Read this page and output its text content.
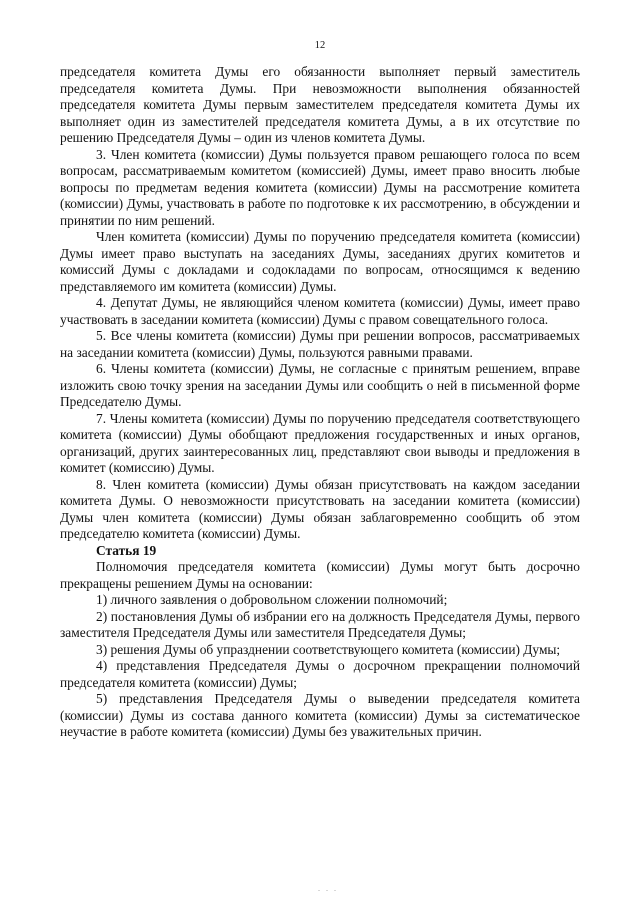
12

председателя комитета Думы его обязанности выполняет первый заместитель председателя комитета Думы. При невозможности выполнения обязанностей председателя комитета Думы первым заместителем председателя комитета Думы их выполняет один из заместителей председателя комитета Думы, а в их отсутствие по решению Председателя Думы – один из членов комитета Думы.

3. Член комитета (комиссии) Думы пользуется правом решающего голоса по всем вопросам, рассматриваемым комитетом (комиссией) Думы, имеет право вносить любые вопросы по предметам ведения комитета (комиссии) Думы на рассмотрение комитета (комиссии) Думы, участвовать в работе по подготовке к их рассмотрению, в обсуждении и принятии по ним решений.

Член комитета (комиссии) Думы по поручению председателя комитета (комиссии) Думы имеет право выступать на заседаниях Думы, заседаниях других комитетов и комиссий Думы с докладами и содокладами по вопросам, относящимся к ведению представляемого им комитета (комиссии) Думы.

4. Депутат Думы, не являющийся членом комитета (комиссии) Думы, имеет право участвовать в заседании комитета (комиссии) Думы с правом совещательного голоса.

5. Все члены комитета (комиссии) Думы при решении вопросов, рассматриваемых на заседании комитета (комиссии) Думы, пользуются равными правами.

6. Члены комитета (комиссии) Думы, не согласные с принятым решением, вправе изложить свою точку зрения на заседании Думы или сообщить о ней в письменной форме Председателю Думы.

7. Члены комитета (комиссии) Думы по поручению председателя соответствующего комитета (комиссии) Думы обобщают предложения государственных и иных органов, организаций, других заинтересованных лиц, представляют свои выводы и предложения в комитет (комиссию) Думы.

8. Член комитета (комиссии) Думы обязан присутствовать на каждом заседании комитета Думы. О невозможности присутствовать на заседании комитета (комиссии) Думы член комитета (комиссии) Думы обязан заблаговременно сообщить об этом председателю комитета (комиссии) Думы.

Статья 19

Полномочия председателя комитета (комиссии) Думы могут быть досрочно прекращены решением Думы на основании:

1) личного заявления о добровольном сложении полномочий;

2) постановления Думы об избрании его на должность Председателя Думы, первого заместителя Председателя Думы или заместителя Председателя Думы;

3) решения Думы об упразднении соответствующего комитета (комиссии) Думы;

4) представления Председателя Думы о досрочном прекращении полномочий председателя комитета (комиссии) Думы;

5) представления Председателя Думы о выведении председателя комитета (комиссии) Думы из состава данного комитета (комиссии) Думы за систематическое неучастие в работе комитета (комиссии) Думы без уважительных причин.

. . .
